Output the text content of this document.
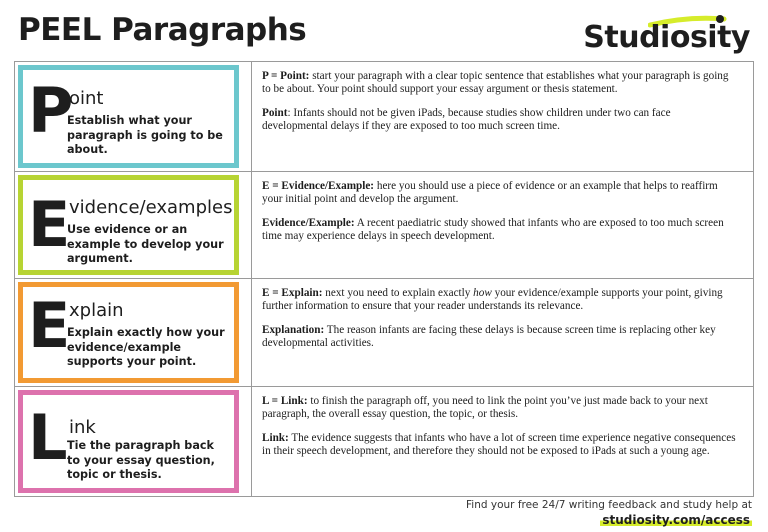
PEEL Paragraphs	Studiosity
P
oint
Establish what your paragraph is going to be about.

P = Point: start your paragraph with a clear topic sentence that establishes what your paragraph is going to be about. Your point should support your essay argument or thesis statement.

Point: Infants should not be given iPads, because studies show children under two can face developmental delays if they are exposed to too much screen time.

E
vidence/examples
Use evidence or an example to develop your argument.

E = Evidence/Example: here you should use a piece of evidence or an example that helps to reaffirm your initial point and develop the argument.

Evidence/Example: A recent paediatric study showed that infants who are exposed to too much screen time may experience delays in speech development.

E
xplain
Explain exactly how your evidence/example supports your point.

E = Explain: next you need to explain exactly how your evidence/example supports your point, giving further information to ensure that your reader understands its relevance.

Explanation: The reason infants are facing these delays is because screen time is replacing other key developmental activities.

L ink
Tie the paragraph back to your essay question, topic or thesis.

L = Link: to finish the paragraph off, you need to link the point you’ve just made back to your next paragraph, the overall essay question, the topic, or thesis.

Link: The evidence suggests that infants who have a lot of screen time experience negative consequences in their speech development, and therefore they should not be exposed to iPads at such a young age.

Find your free 24/7 writing feedback and study help at
studiosity.com/access
